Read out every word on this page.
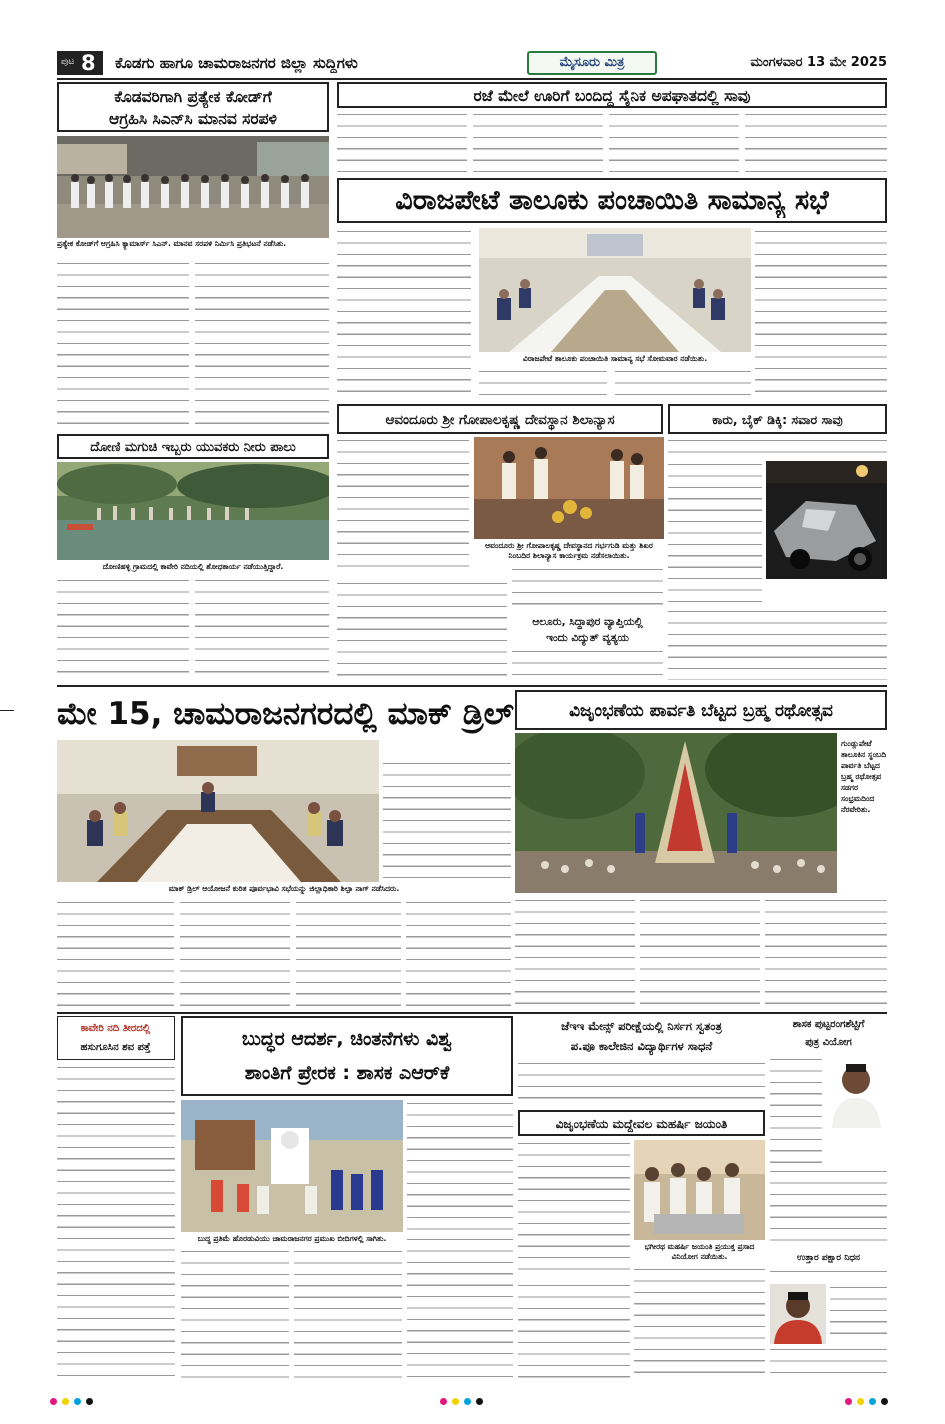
ಪುಟ 8 ಕೊಡಗು ಹಾಗೂ ಚಾಮರಾಜನಗರ ಜಿಲ್ಲಾ ಸುದ್ದಿಗಳು	ಮೈಸೂರು ಮಿತ್ರ	ಮಂಗಳವಾರ 13 ಮೇ 2025
ಕೊಡವರಿಗಾಗಿ ಪ್ರತ್ಯೇಕ ಕೋಡ್‌ಗೆ
ಆಗ್ರಹಿಸಿ ಸಿಎನ್‌ಸಿ ಮಾನವ ಸರಪಳಿ
ಪ್ರತ್ಯೇಕ ಕೋಡ್‌ಗೆ ಆಗ್ರಹಿಸಿ ಕ್ಯಾಮಾರ್ಸ್ ಸಿಎನ್‌. ಮಾನವ ಸರಪಳಿ ನಿರ್ಮಿಸಿ ಪ್ರತಿಭಟನೆ ನಡೆಸಿತು.
ರಜೆ ಮೇಲೆ ಊರಿಗೆ ಬಂದಿದ್ದ ಸೈನಿಕ ಅಪಘಾತದಲ್ಲಿ ಸಾವು
ವಿರಾಜಪೇಟೆ ತಾಲೂಕು ಪಂಚಾಯಿತಿ ಸಾಮಾನ್ಯ ಸಭೆ
ವಿರಾಜಪೇಟೆ ತಾಲೂಕು ಪಂಚಾಯಿತಿ ಸಾಮಾನ್ಯ ಸಭೆ ಸೋಮವಾರ ನಡೆಯಿತು.
ದೋಣಿ ಮಗುಚಿ ಇಬ್ಬರು ಯುವಕರು ನೀರು ಪಾಲು
ದೋಣಿಹಳ್ಳಿ ಗ್ರಾಮದಲ್ಲಿ ಕಾವೇರಿ ನದಿಯಲ್ಲಿ ಶೋಧಕಾರ್ಯ ನಡೆಯುತ್ತಿದ್ದಾರೆ.
ಆವಂದೂರು ಶ್ರೀ ಗೋಪಾಲಕೃಷ್ಣ ದೇವಸ್ಥಾನ ಶಿಲಾನ್ಯಾಸ
ಆವಂದೂರು ಶ್ರೀ ಗೋಪಾಲಕೃಷ್ಣ ದೇವಸ್ಥಾನದ ಗರ್ಭಗುಡಿ ಮತ್ತು ಶಿಖರ ನಿಂಬದಿರ ಶಿಲಾನ್ಯಾಸ ಕಾರ್ಯಕ್ರಮ ನಡೆಸಲಾಯಿತು.
ಆಲೂರು, ಸಿದ್ದಾಪುರ ವ್ಯಾಪ್ತಿಯಲ್ಲಿ
ಇಂದು ವಿದ್ಯುತ್ ವ್ಯತ್ಯಯ
ಕಾರು, ಬೈಕ್ ಡಿಕ್ಕಿ: ಸವಾರ ಸಾವು
ಮೇ 15, ಚಾಮರಾಜನಗರದಲ್ಲಿ ಮಾಕ್ ಡ್ರಿಲ್
ಮಾಕ್ ಡ್ರಿಲ್ ಆಯೋಜನೆ ಕುರಿತ ಪೂರ್ವಭಾವಿ ಸಭೆಯನ್ನು ಜಿಲ್ಲಾಧಿಕಾರಿ ಶಿಲ್ಪಾ ನಾಗ್ ನಡೆಸಿದರು.
ವಿಜೃಂಭಣೆಯ ಪಾರ್ವತಿ ಬೆಟ್ಟದ ಬ್ರಹ್ಮ ರಥೋತ್ಸವ
ಗುಂಡ್ಲುಪೇಟೆ ತಾಲೂಕಿನ ಸ್ಥಂಬದಿ ಪಾರ್ವತಿ ಬೆಟ್ಟದ ಬ್ರಹ್ಮ ರಥೋತ್ಸವ ಸಡಗರ ಸಂಭ್ರಮದಿಂದ ನೆರವೇರಿತು.
ಕಾವೇರಿ ನದಿ ತೀರದಲ್ಲಿ
ಹಸುಗೂಸಿನ ಶವ ಪತ್ತೆ	ಬುದ್ಧರ ಆದರ್ಶ, ಚಿಂತನೆಗಳು ವಿಶ್ವ
ಶಾಂತಿಗೆ ಪ್ರೇರಕ : ಶಾಸಕ ಎಆರ್‌ಕೆ
ಬುದ್ಧ ಪ್ರತಿಮೆ ಹೊರಡುವಿಯು ಚಾಮರಾಜನಗರ ಪ್ರಮುಖ ಬೀದಿಗಳಲ್ಲಿ ಸಾಗಿತು.
ಜೆಇಇ ಮೇನ್ಸ್ ಪರೀಕ್ಷೆಯಲ್ಲಿ ನಿರ್ಸಗ ಸ್ವತಂತ್ರ
ಪ.ಪೂ ಕಾಲೇಜಿನ ವಿದ್ಯಾರ್ಥಿಗಳ ಸಾಧನೆ
ವಿಜೃಂಭಣೆಯ ಮದ್ದೇವಲ ಮಹರ್ಷಿ ಜಯಂತಿ
ಭಗೀರಥ ಮಹರ್ಷಿ ಜಯಂತಿ ಪ್ರಯುಕ್ತ ಪ್ರಸಾದ ವಿನಿಯೋಗ ನಡೆಯಿತು.
ಶಾಸಕ ಪುಟ್ಟರಂಗಶೆಟ್ಟಿಗೆ
ಪುತ್ರ ವಿಯೋಗ
ಉತ್ತಾರ ಪಕ್ಷಾರ ನಿಧನ
